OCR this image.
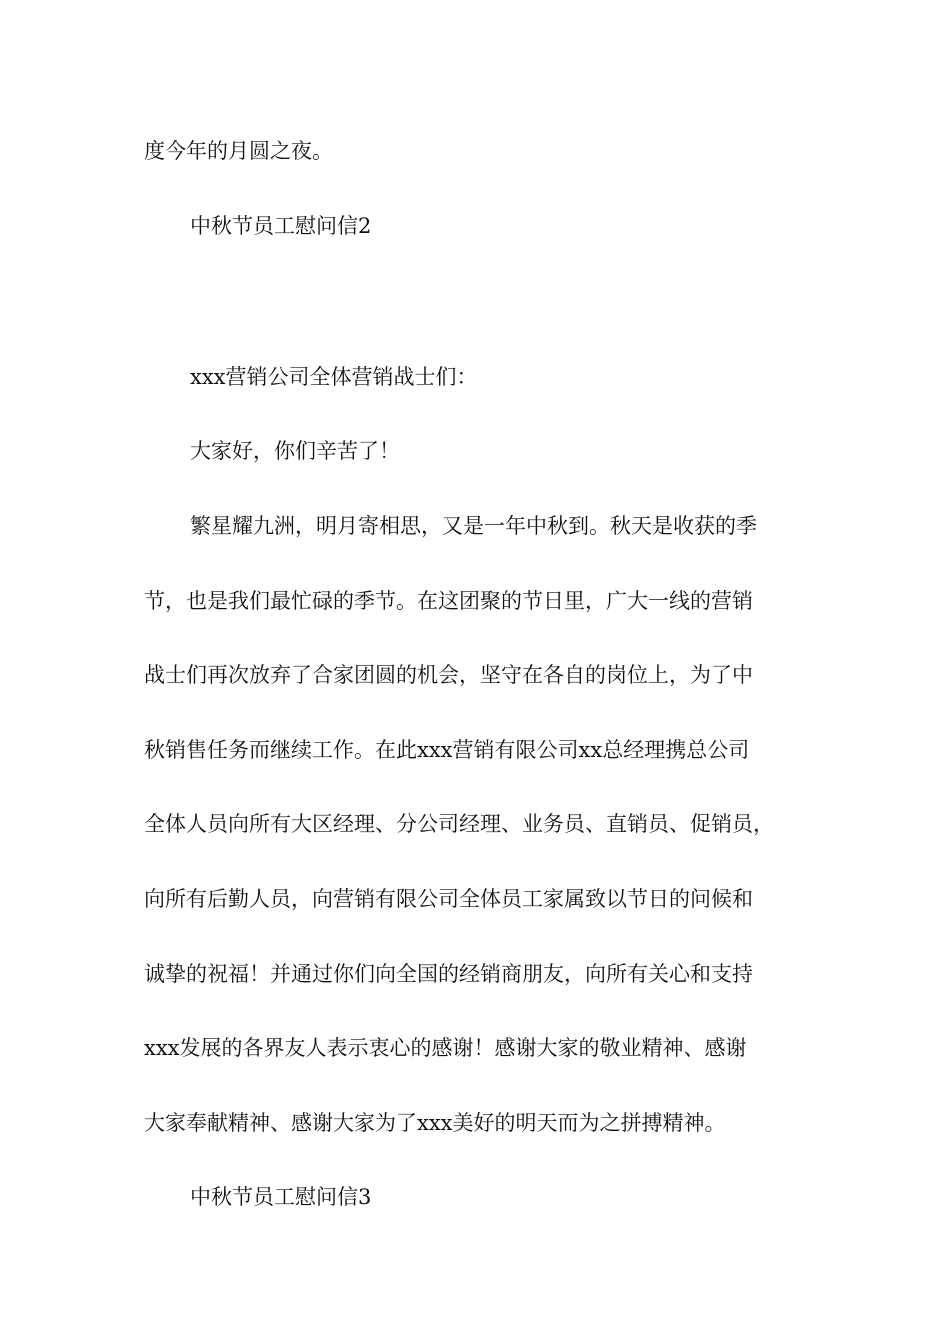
度今年的月圆之夜。
中秋节员工慰问信2
xxx营销公司全体营销战士们：
大家好，你们辛苦了！
繁星耀九洲，明月寄相思，又是一年中秋到。秋天是收获的季
节，也是我们最忙碌的季节。在这团聚的节日里，广大一线的营销
战士们再次放弃了合家团圆的机会，坚守在各自的岗位上，为了中
秋销售任务而继续工作。在此xxx营销有限公司xx总经理携总公司
全体人员向所有大区经理、分公司经理、业务员、直销员、促销员，
向所有后勤人员，向营销有限公司全体员工家属致以节日的问候和
诚挚的祝福！并通过你们向全国的经销商朋友，向所有关心和支持
xxx发展的各界友人表示衷心的感谢！感谢大家的敬业精神、感谢
大家奉献精神、感谢大家为了xxx美好的明天而为之拼搏精神。
中秋节员工慰问信3
